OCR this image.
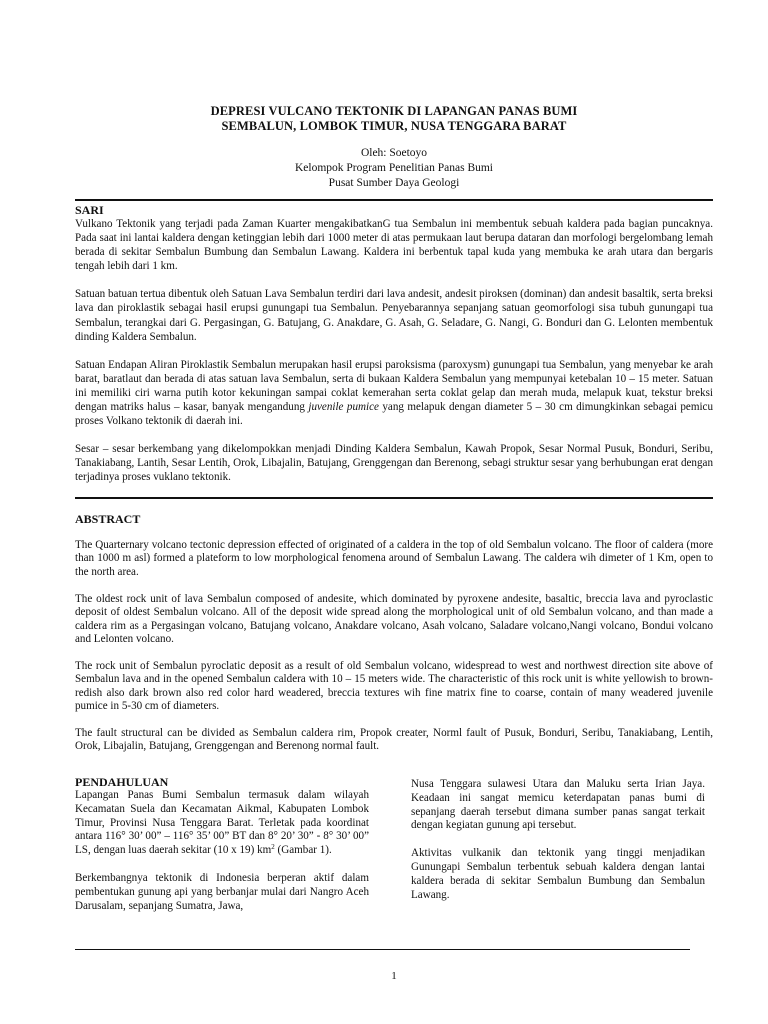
DEPRESI VULCANO TEKTONIK DI LAPANGAN PANAS BUMI
SEMBALUN, LOMBOK TIMUR, NUSA TENGGARA BARAT
Oleh: Soetoyo
Kelompok Program Penelitian Panas Bumi
Pusat Sumber Daya Geologi

SARI

Vulkano Tektonik yang terjadi pada Zaman Kuarter mengakibatkanG tua Sembalun ini membentuk sebuah kaldera pada bagian puncaknya. Pada saat ini lantai kaldera dengan ketinggian lebih dari 1000 meter di atas permukaan laut berupa dataran dan morfologi bergelombang lemah berada di sekitar Sembalun Bumbung dan Sembalun Lawang. Kaldera ini berbentuk tapal kuda yang membuka ke arah utara dan bergaris tengah lebih dari 1 km.

Satuan batuan tertua dibentuk oleh Satuan Lava Sembalun terdiri dari lava andesit, andesit piroksen (dominan) dan andesit basaltik, serta breksi lava dan piroklastik sebagai hasil erupsi gunungapi tua Sembalun. Penyebarannya sepanjang satuan geomorfologi sisa tubuh gunungapi tua Sembalun, terangkai dari G. Pergasingan, G. Batujang, G. Anakdare, G. Asah, G. Seladare, G. Nangi, G. Bonduri dan G. Lelonten membentuk dinding Kaldera Sembalun.

Satuan Endapan Aliran Piroklastik Sembalun merupakan hasil erupsi paroksisma (paroxysm) gunungapi tua Sembalun, yang menyebar ke arah barat, baratlaut dan berada di atas satuan lava Sembalun, serta di bukaan Kaldera Sembalun yang mempunyai ketebalan 10 – 15 meter. Satuan ini memiliki ciri warna putih kotor kekuningan sampai coklat kemerahan serta coklat gelap dan merah muda, melapuk kuat, tekstur breksi dengan matriks halus – kasar, banyak mengandung juvenile pumice yang melapuk dengan diameter 5 – 30 cm dimungkinkan sebagai pemicu proses Volkano tektonik di daerah ini.

Sesar – sesar berkembang yang dikelompokkan menjadi Dinding Kaldera Sembalun, Kawah Propok, Sesar Normal Pusuk, Bonduri, Seribu, Tanakiabang, Lantih, Sesar Lentih, Orok, Libajalin, Batujang, Grenggengan dan Berenong, sebagi struktur sesar yang berhubungan erat dengan terjadinya proses vuklano tektonik.

ABSTRACT

The Quarternary volcano tectonic depression effected of originated of a caldera in the top of old Sembalun volcano. The floor of caldera (more than 1000 m asl) formed a plateform to low morphological fenomena around of Sembalun Lawang. The caldera wih dimeter of 1 Km, open to the north area.

The oldest rock unit of lava Sembalun composed of andesite, which dominated by pyroxene andesite, basaltic, breccia lava and pyroclastic deposit of oldest Sembalun volcano. All of the deposit wide spread along the morphological unit of old Sembalun volcano, and than made a caldera rim as a Pergasingan volcano, Batujang volcano, Anakdare volcano, Asah volcano, Saladare volcano,Nangi volcano, Bondui volcano and Lelonten volcano.

The rock unit of Sembalun pyroclatic deposit as a result of old Sembalun volcano, widespread to west and northwest direction site above of Sembalun lava and in the opened Sembalun caldera with 10 – 15 meters wide. The characteristic of this rock unit is white yellowish to brown-redish also dark brown also red color hard weadered, breccia textures wih fine matrix fine to coarse, contain of many weadered juvenile pumice in 5-30 cm of diameters.

The fault structural can be divided as Sembalun caldera rim, Propok creater, Norml fault of Pusuk, Bonduri, Seribu, Tanakiabang, Lentih, Orok, Libajalin, Batujang, Grenggengan and Berenong normal fault.

PENDAHULUAN

Lapangan Panas Bumi Sembalun termasuk dalam wilayah Kecamatan Suela dan Kecamatan Aikmal, Kabupaten Lombok Timur, Provinsi Nusa Tenggara Barat. Terletak pada koordinat antara 116° 30’ 00” – 116° 35’ 00” BT dan 8° 20’ 30” - 8° 30’ 00” LS, dengan luas daerah sekitar (10 x 19) $km^2$ (Gambar 1).

Berkembangnya tektonik di Indonesia berperan aktif dalam pembentukan gunung api yang berbanjar mulai dari Nangro Aceh Darusalam, sepanjang Sumatra, Jawa,

Nusa Tenggara sulawesi Utara dan Maluku serta Irian Jaya. Keadaan ini sangat memicu keterdapatan panas bumi di sepanjang daerah tersebut dimana sumber panas sangat terkait dengan kegiatan gunung api tersebut.

Aktivitas vulkanik dan tektonik yang tinggi menjadikan Gunungapi Sembalun terbentuk sebuah kaldera dengan lantai kaldera berada di sekitar Sembalun Bumbung dan Sembalun Lawang.

1
